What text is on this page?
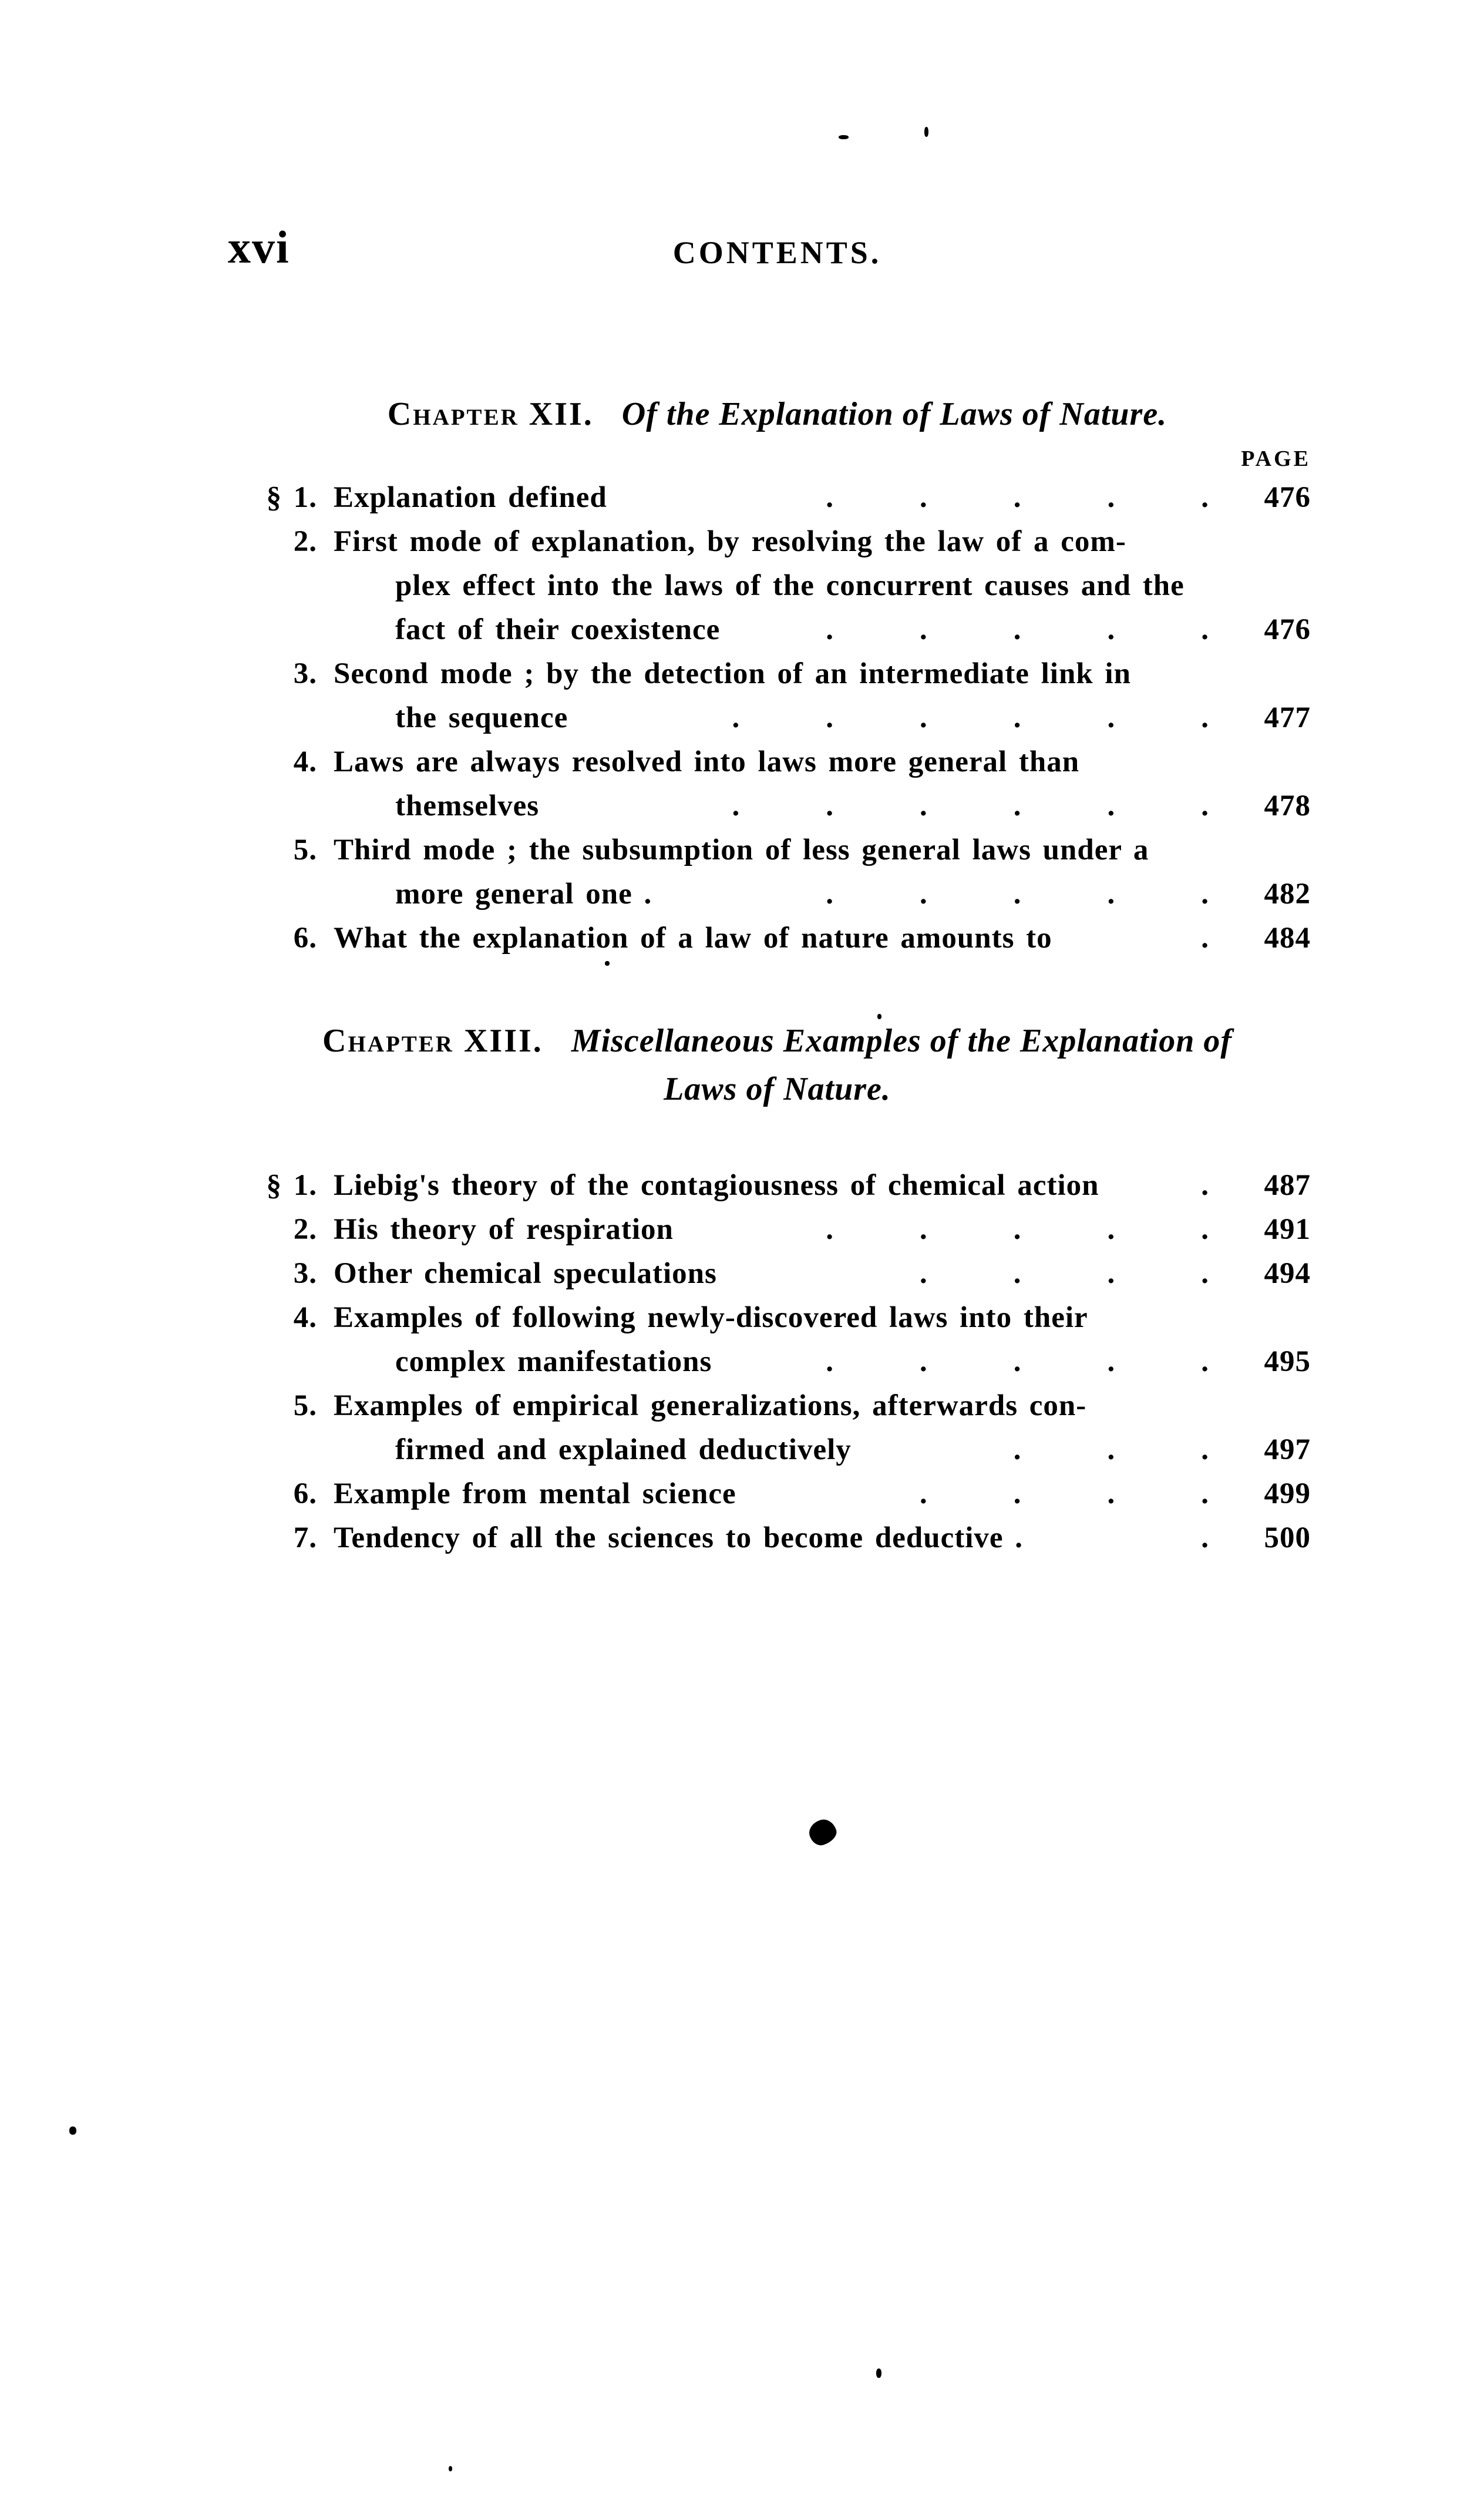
xvi	CONTENTS.
Chapter XII. Of the Explanation of Laws of Nature.
PAGE
§ 1. Explanation defined	.	.	.	.	.	476
2. First mode of explanation, by resolving the law of a com-
plex effect into the laws of the concurrent causes and the
fact of their coexistence	.	.	.	.	.	476
3. Second mode ; by the detection of an intermediate link in
the sequence	.	.	.	.	.	.	477
4. Laws are always resolved into laws more general than
themselves	.	.	.	.	.	.	478
5. Third mode ; the subsumption of less general laws under a
more general one .	.	.	.	.	.	482
6. What the explanation of a law of nature amounts to	.	484
Chapter XIII. Miscellaneous Examples of the Explanation of
Laws of Nature.
§ 1. Liebig's theory of the contagiousness of chemical action	.	487
2. His theory of respiration	.	.	.	.	.	491
3. Other chemical speculations	.	.	.	.	494
4. Examples of following newly-discovered laws into their
complex manifestations	.	.	.	.	.	495
5. Examples of empirical generalizations, afterwards con-
firmed and explained deductively	.	.	.	497
6. Example from mental science	.	.	.	.	499
7. Tendency of all the sciences to become deductive .	.	500
